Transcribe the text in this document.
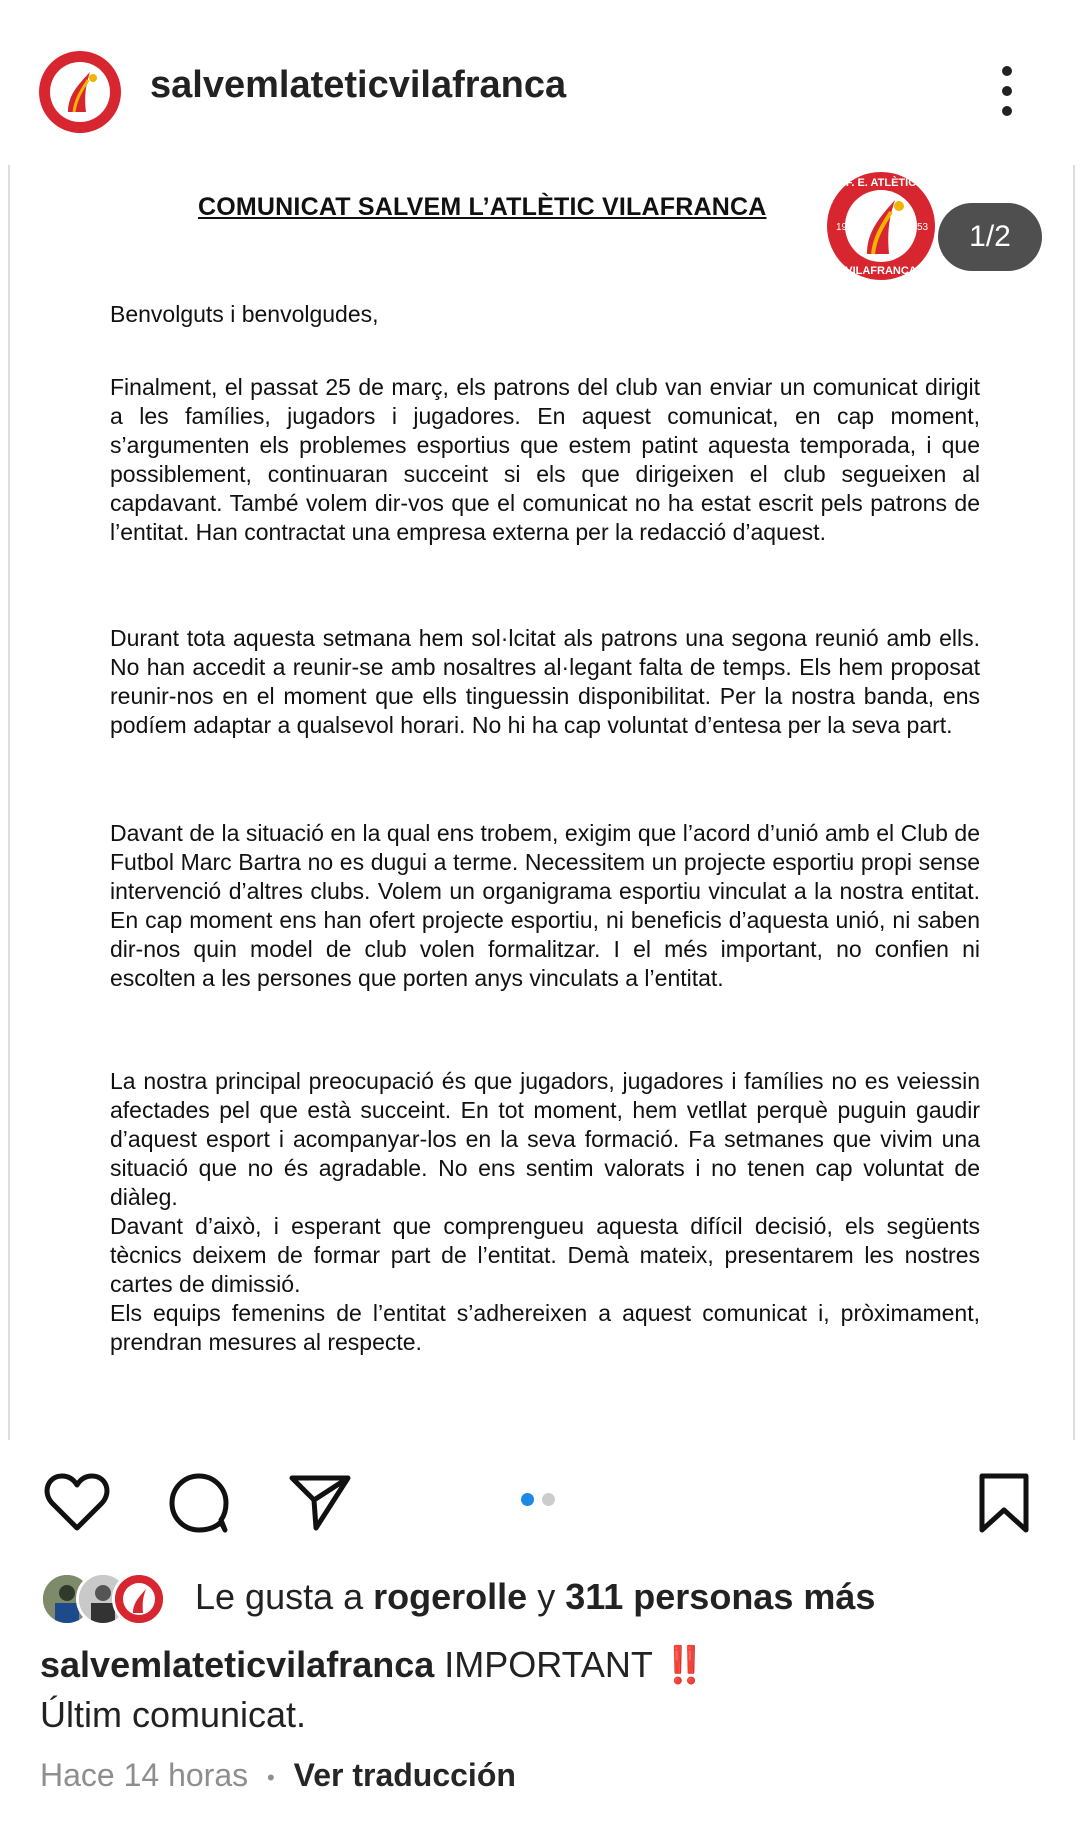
salvemlateticvilafranca
COMUNICAT SALVEM L’ATLÈTIC VILAFRANCA
Benvolguts i benvolgudes,
Finalment, el passat 25 de març, els patrons del club van enviar un comunicat dirigit a les famílies, jugadors i jugadores. En aquest comunicat, en cap moment, s’argumenten els problemes esportius que estem patint aquesta temporada, i que possiblement, continuaran succeint si els que dirigeixen el club segueixen al capdavant. També volem dir-vos que el comunicat no ha estat escrit pels patrons de l’entitat. Han contractat una empresa externa per la redacció d’aquest.
Durant tota aquesta setmana hem sol·lcitat als patrons una segona reunió amb ells. No han accedit a reunir-se amb nosaltres al·legant falta de temps. Els hem proposat reunir-nos en el moment que ells tinguessin disponibilitat. Per la nostra banda, ens podíem adaptar a qualsevol horari. No hi ha cap voluntat d’entesa per la seva part.
Davant de la situació en la qual ens trobem, exigim que l’acord d’unió amb el Club de Futbol Marc Bartra no es dugui a terme. Necessitem un projecte esportiu propi sense intervenció d’altres clubs. Volem un organigrama esportiu vinculat a la nostra entitat. En cap moment ens han ofert projecte esportiu, ni beneficis d’aquesta unió, ni saben dir-nos quin model de club volen formalitzar. I el més important, no confien ni escolten a les persones que porten anys vinculats a l’entitat.
La nostra principal preocupació és que jugadors, jugadores i famílies no es veiessin afectades pel que està succeint. En tot moment, hem vetllat perquè puguin gaudir d’aquest esport i acompanyar-los en la seva formació. Fa setmanes que vivim una situació que no és agradable. No ens sentim valorats i no tenen cap voluntat de diàleg.
Davant d’això, i esperant que comprengueu aquesta difícil decisió, els següents tècnics deixem de formar part de l’entitat. Demà mateix, presentarem les nostres cartes de dimissió.
Els equips femenins de l’entitat s’adhereixen a aquest comunicat i, pròximament, prendran mesures al respecte.
F. E. ATLÈTIC
VILAFRANCA
19	53	1/2
Le gusta a rogerolle y 311 personas más
salvemlateticvilafranca IMPORTANT ‼️
Últim comunicat.
Hace 14 horas • Ver traducción
